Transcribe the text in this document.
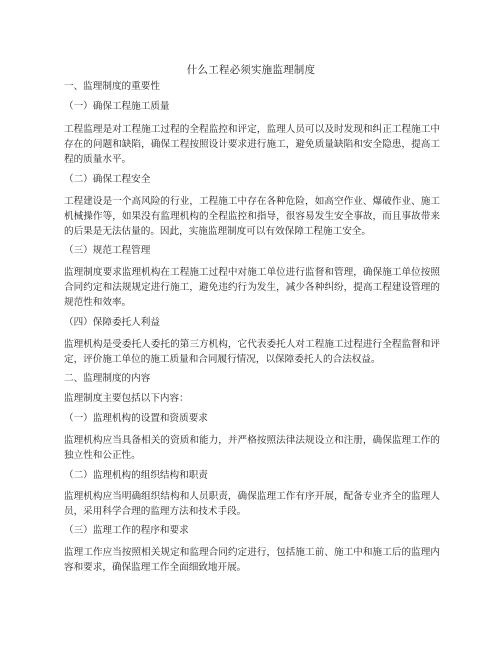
什么工程必须实施监理制度
一、监理制度的重要性
（一）确保工程施工质量
工程监理是对工程施工过程的全程监控和评定，监理人员可以及时发现和纠正工程施工中存在的问题和缺陷，确保工程按照设计要求进行施工，避免质量缺陷和安全隐患，提高工程的质量水平。
（二）确保工程安全
工程建设是一个高风险的行业，工程施工中存在各种危险，如高空作业、爆破作业、施工机械操作等，如果没有监理机构的全程监控和指导，很容易发生安全事故，而且事故带来的后果是无法估量的。因此，实施监理制度可以有效保障工程施工安全。
（三）规范工程管理
监理制度要求监理机构在工程施工过程中对施工单位进行监督和管理，确保施工单位按照合同约定和法规规定进行施工，避免违约行为发生，减少各种纠纷，提高工程建设管理的规范性和效率。
（四）保障委托人利益
监理机构是受委托人委托的第三方机构，它代表委托人对工程施工过程进行全程监督和评定，评价施工单位的施工质量和合同履行情况，以保障委托人的合法权益。
二、监理制度的内容
监理制度主要包括以下内容：
（一）监理机构的设置和资质要求
监理机构应当具备相关的资质和能力，并严格按照法律法规设立和注册，确保监理工作的独立性和公正性。
（二）监理机构的组织结构和职责
监理机构应当明确组织结构和人员职责，确保监理工作有序开展，配备专业齐全的监理人员，采用科学合理的监理方法和技术手段。
（三）监理工作的程序和要求
监理工作应当按照相关规定和监理合同约定进行，包括施工前、施工中和施工后的监理内容和要求，确保监理工作全面细致地开展。
